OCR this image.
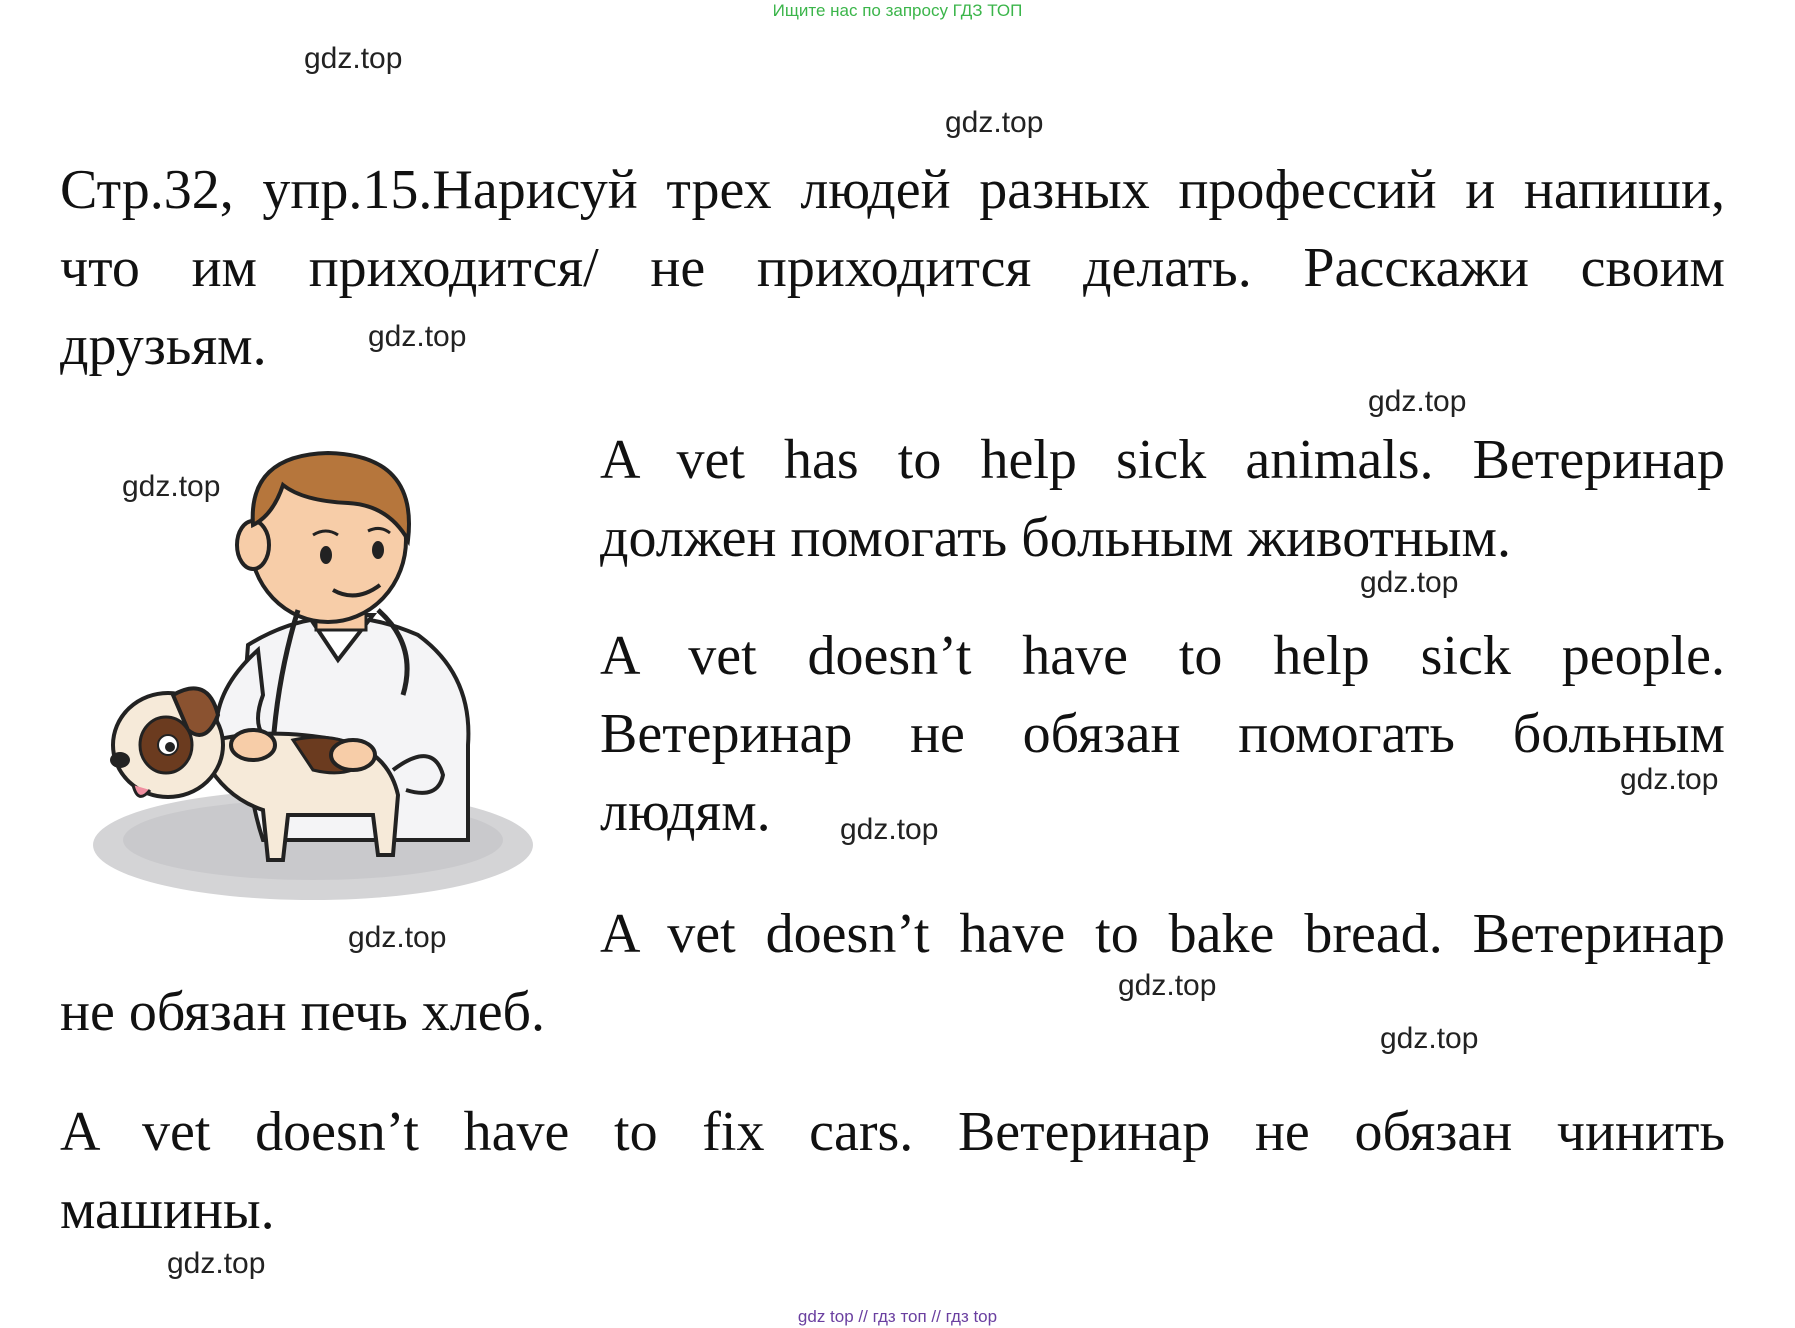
Ищите нас по запросу ГДЗ ТОП
gdz.top
gdz.top
gdz.top
gdz.top
gdz.top
gdz.top
gdz.top
gdz.top
gdz.top
gdz.top
gdz.top
gdz.top
Стр.32, упр.15.Нарисуй трех людей разных профессий и напиши,
что им приходится/ не приходится делать. Расскажи своим
друзьям.
A vet has to help sick animals. Ветеринар
должен помогать больным животным.
A vet doesn’t have to help sick people.
Ветеринар не обязан помогать больным
людям.
A vet doesn’t have to bake bread. Ветеринар
не обязан печь хлеб.
A vet doesn’t have to fix cars. Ветеринар не обязан чинить
машины.
gdz top // гдз топ // гдз top
